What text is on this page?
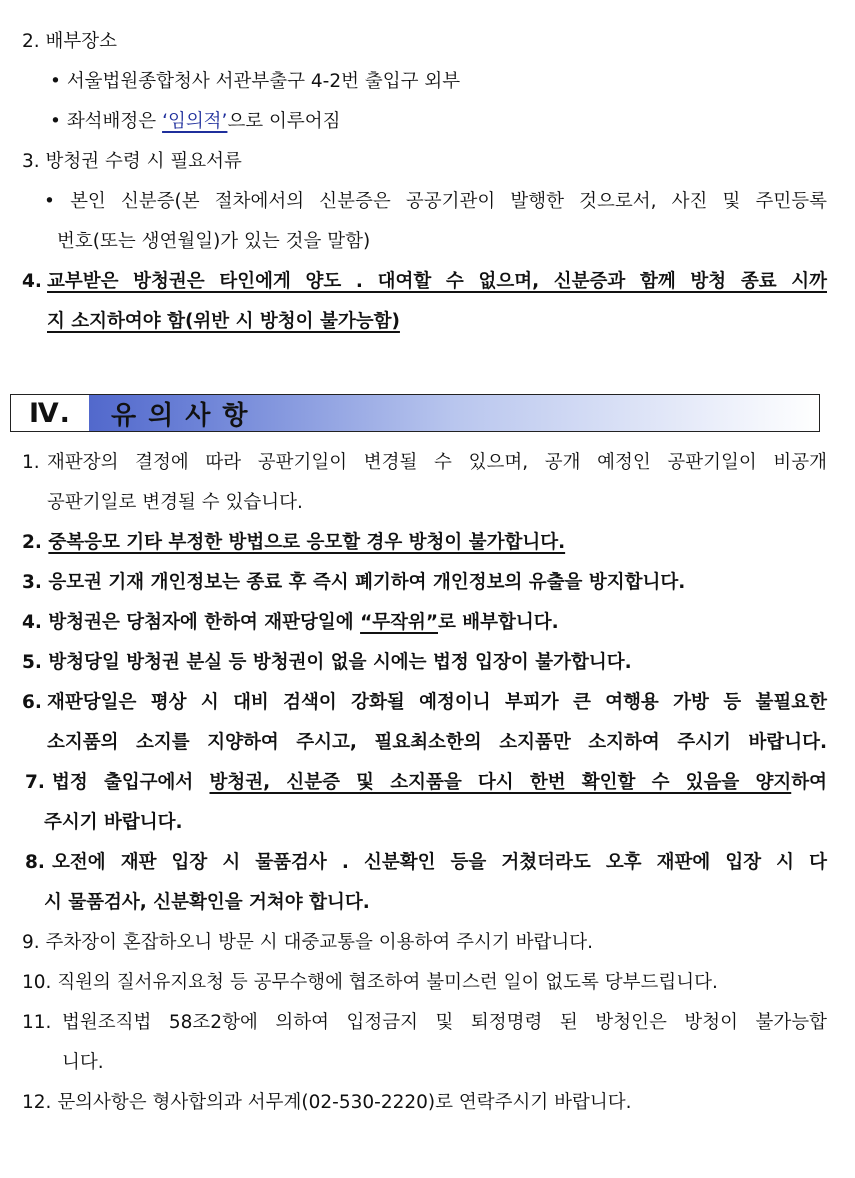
2. 배부장소
• 서울법원종합청사 서관부출구 4-2번 출입구 외부
• 좌석배정은 ‘임의적’으로 이루어짐
3. 방청권 수령 시 필요서류
• 본인 신분증(본 절차에서의 신분증은 공공기관이 발행한 것으로서, 사진 및 주민등록
번호(또는 생연월일)가 있는 것을 말함)
4. 교부받은 방청권은 타인에게 양도 . 대여할 수 없으며, 신분증과 함께 방청 종료 시까
지 소지하여야 함(위반 시 방청이 불가능함)
Ⅳ.	유의사항
1. 재판장의 결정에 따라 공판기일이 변경될 수 있으며, 공개 예정인 공판기일이 비공개
공판기일로 변경될 수 있습니다.
2. 중복응모 기타 부정한 방법으로 응모할 경우 방청이 불가합니다.
3. 응모권 기재 개인정보는 종료 후 즉시 폐기하여 개인정보의 유출을 방지합니다.
4. 방청권은 당첨자에 한하여 재판당일에 “무작위”로 배부합니다.
5. 방청당일 방청권 분실 등 방청권이 없을 시에는 법정 입장이 불가합니다.
6. 재판당일은 평상 시 대비 검색이 강화될 예정이니 부피가 큰 여행용 가방 등 불필요한
소지품의 소지를 지양하여 주시고, 필요최소한의 소지품만 소지하여 주시기 바랍니다.
7. 법정 출입구에서 방청권, 신분증 및 소지품을 다시 한번 확인할 수 있음을 양지하여
주시기 바랍니다.
8. 오전에 재판 입장 시 물품검사 . 신분확인 등을 거쳤더라도 오후 재판에 입장 시 다
시 물품검사, 신분확인을 거쳐야 합니다.
9. 주차장이 혼잡하오니 방문 시 대중교통을 이용하여 주시기 바랍니다.
10. 직원의 질서유지요청 등 공무수행에 협조하여 불미스런 일이 없도록 당부드립니다.
11. 법원조직법 58조2항에 의하여 입정금지 및 퇴정명령 된 방청인은 방청이 불가능합
니다.
12. 문의사항은 형사합의과 서무계(02-530-2220)로 연락주시기 바랍니다.
